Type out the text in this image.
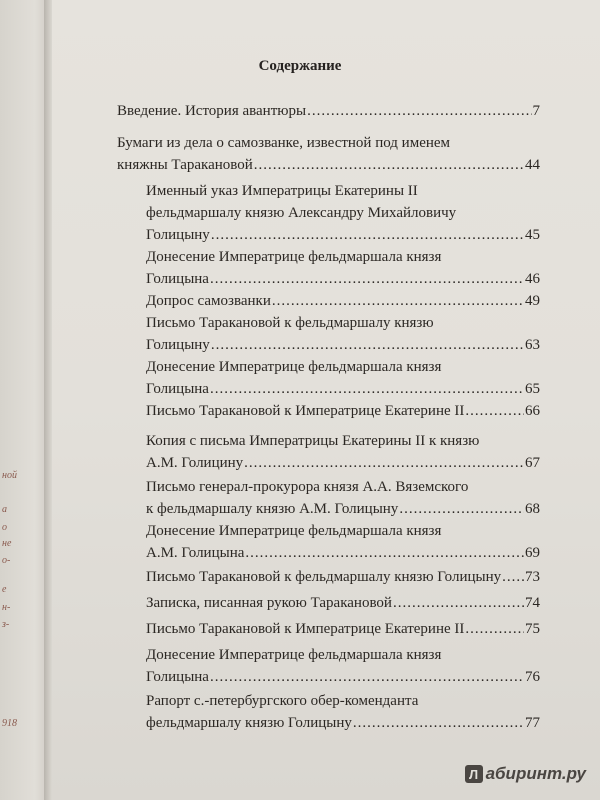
ной
а
о
не
о-
е
н-
з-
918
Содержание
Введение. История авантюры .....	7
Бумаги из дела о самозванке, известной под именем
княжны Таракановой .....	44
Именный указ Императрицы Екатерины II
фельдмаршалу князю Александру Михайловичу
Голицыну .....	45
Донесение Императрице фельдмаршала князя
Голицына .....	46
Допрос самозванки .....	49
Письмо Таракановой к фельдмаршалу князю
Голицыну .....	63
Донесение Императрице фельдмаршала князя
Голицына .....	65
Письмо Таракановой к Императрице Екатерине II .....	66
Копия с письма Императрицы Екатерины II к князю
А.М. Голицину .....	67
Письмо генерал-прокурора князя А.А. Вяземского
к фельдмаршалу князю А.М. Голицыну .....	68
Донесение Императрице фельдмаршала князя
А.М. Голицына .....	69
Письмо Таракановой к фельдмаршалу князю Голицыну ..... 73
Записка, писанная рукою Таракановой .....	74
Письмо Таракановой к Императрице Екатерине II .....	75
Донесение Императрице фельдмаршала князя
Голицына .....	76
Рапорт с.-петербургского обер-коменданта
фельдмаршалу князю Голицыну .....	77
Л абиринт.ру
